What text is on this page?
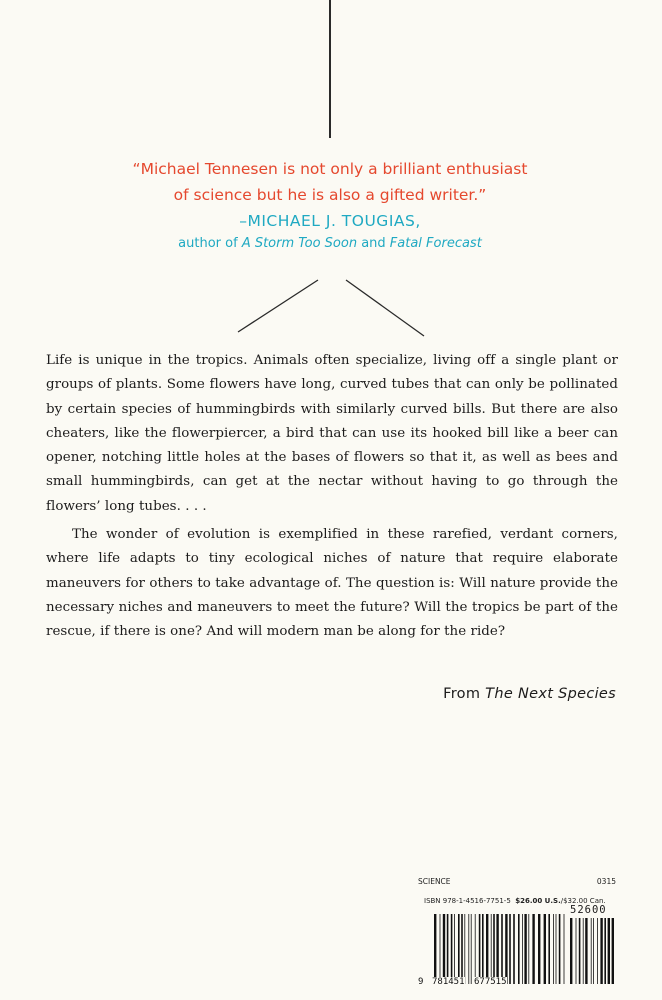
“Michael Tennesen is not only a brilliant enthusiast
of science but he is also a gifted writer.”
–MICHAEL J. TOUGIAS,
author of A Storm Too Soon and Fatal Forecast

Life is unique in the tropics. Animals often specialize, living off a single plant or groups of plants. Some flowers have long, curved tubes that can only be pollinated by certain species of hummingbirds with similarly curved bills. But there are also cheaters, like the flowerpiercer, a bird that can use its hooked bill like a beer can opener, notching little holes at the bases of flowers so that it, as well as bees and small hummingbirds, can get at the nectar without having to go through the flowers’ long tubes. . . .

The wonder of evolution is exemplified in these rarefied, verdant corners, where life adapts to tiny ecological niches of nature that require elaborate maneuvers for others to take advantage of. The question is: Will nature provide the necessary niches and maneuvers to meet the future? Will the tropics be part of the rescue, if there is one? And will modern man be along for the ride?

From The Next Species
SCIENCE	0315
ISBN 978-1-4516-7751-5 $26.00 U.S./$32.00 Can.
52600
9 781451 677515
